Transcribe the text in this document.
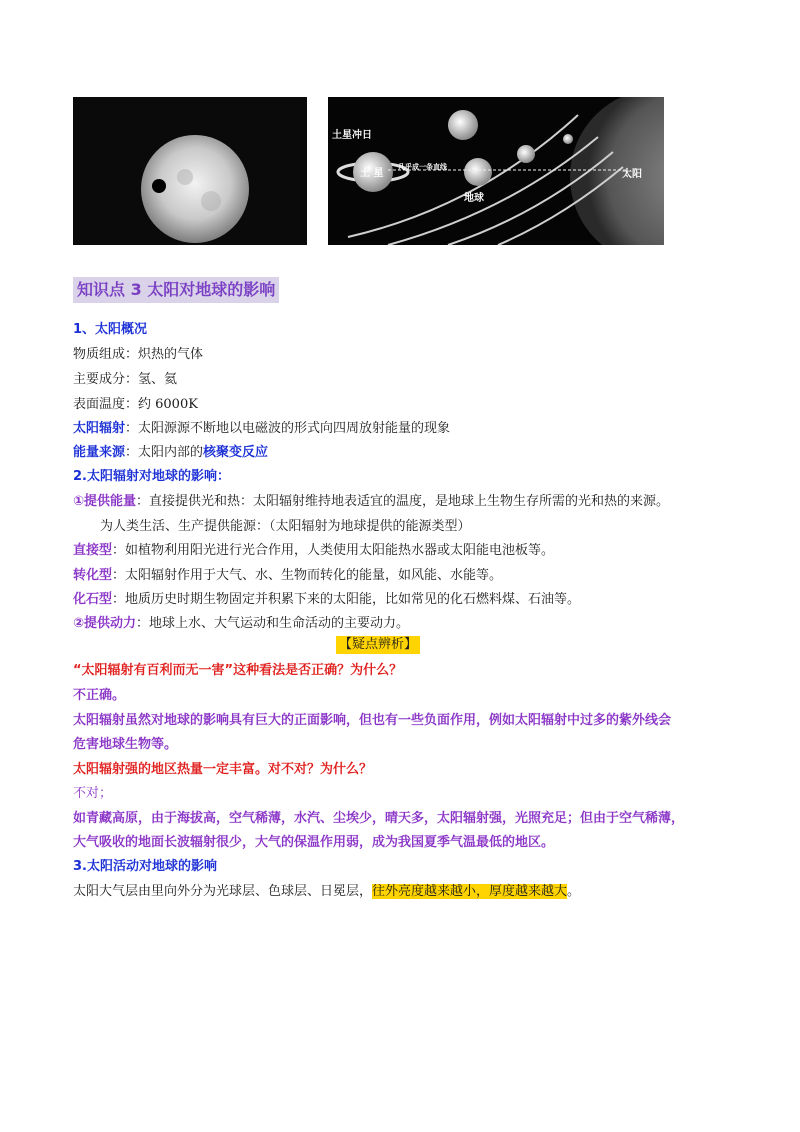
土星冲日
土 星
几乎成一条直线
地球
太阳
知识点 3 太阳对地球的影响
1、太阳概况
物质组成：炽热的气体
主要成分：氢、氦
表面温度：约 6000K
太阳辐射：太阳源源不断地以电磁波的形式向四周放射能量的现象
能量来源：太阳内部的核聚变反应
2.太阳辐射对地球的影响：
①提供能量：直接提供光和热：太阳辐射维持地表适宜的温度，是地球上生物生存所需的光和热的来源。
为人类生活、生产提供能源：（太阳辐射为地球提供的能源类型）
直接型：如植物利用阳光进行光合作用，人类使用太阳能热水器或太阳能电池板等。
转化型：太阳辐射作用于大气、水、生物而转化的能量，如风能、水能等。
化石型：地质历史时期生物固定并积累下来的太阳能，比如常见的化石燃料煤、石油等。
②提供动力：地球上水、大气运动和生命活动的主要动力。
【疑点辨析】
“太阳辐射有百利而无一害”这种看法是否正确？为什么？
不正确。
太阳辐射虽然对地球的影响具有巨大的正面影响，但也有一些负面作用，例如太阳辐射中过多的紫外线会
危害地球生物等。
太阳辐射强的地区热量一定丰富。对不对？为什么？
不对；
如青藏高原，由于海拔高，空气稀薄，水汽、尘埃少，晴天多，太阳辐射强，光照充足；但由于空气稀薄，
大气吸收的地面长波辐射很少，大气的保温作用弱，成为我国夏季气温最低的地区。
3.太阳活动对地球的影响
太阳大气层由里向外分为光球层、色球层、日冕层，往外亮度越来越小，厚度越来越大。
